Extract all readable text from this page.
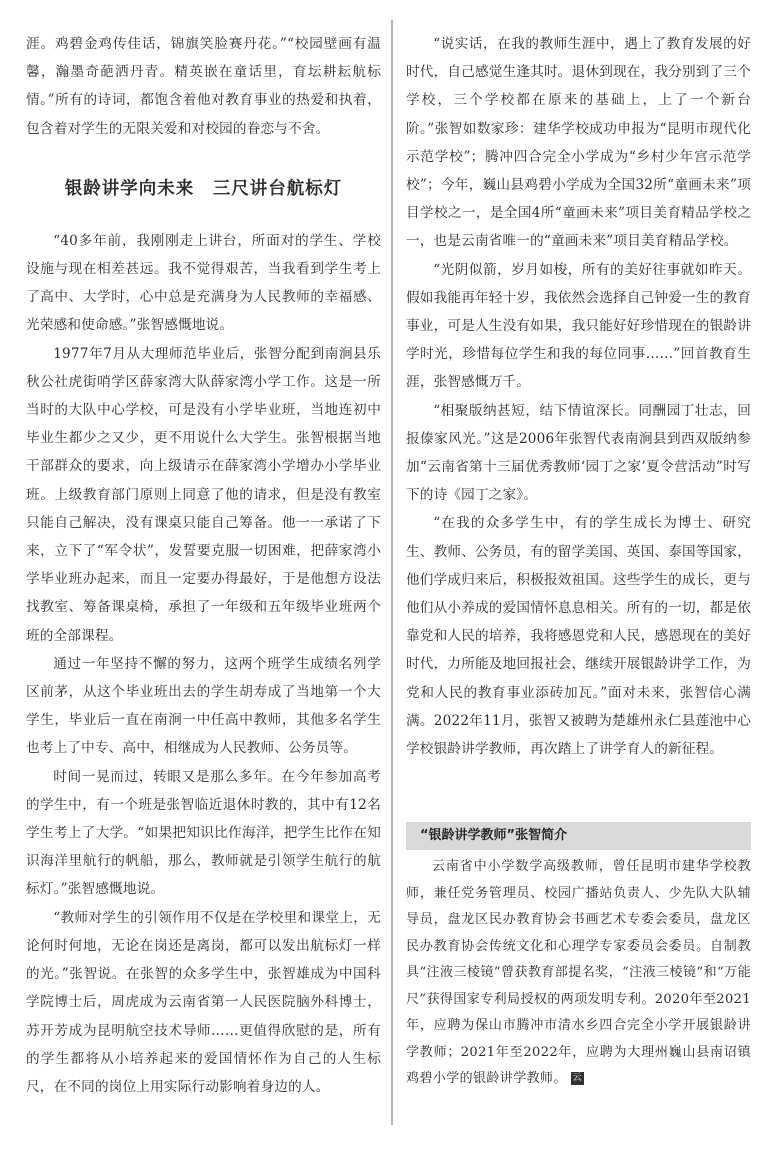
涯。鸡碧金鸡传佳话，锦旗笑脸赛丹花。”“校园壁画有温馨，瀚墨奇葩洒丹青。精英嵌在童话里，育坛耕耘航标情。”所有的诗词，都饱含着他对教育事业的热爱和执着，包含着对学生的无限关爱和对校园的眷恋与不舍。

银龄讲学向未来　三尺讲台航标灯

“40多年前，我刚刚走上讲台，所面对的学生、学校设施与现在相差甚远。我不觉得艰苦，当我看到学生考上了高中、大学时，心中总是充满身为人民教师的幸福感、光荣感和使命感。”张智感慨地说。

1977年7月从大理师范毕业后，张智分配到南涧县乐秋公社虎街哨学区薛家湾大队薛家湾小学工作。这是一所当时的大队中心学校，可是没有小学毕业班，当地连初中毕业生都少之又少，更不用说什么大学生。张智根据当地干部群众的要求，向上级请示在薛家湾小学增办小学毕业班。上级教育部门原则上同意了他的请求，但是没有教室只能自己解决，没有课桌只能自己筹备。他一一承诺了下来，立下了“军令状”，发誓要克服一切困难，把薛家湾小学毕业班办起来，而且一定要办得最好，于是他想方设法找教室、筹备课桌椅，承担了一年级和五年级毕业班两个班的全部课程。

通过一年坚持不懈的努力，这两个班学生成绩名列学区前茅，从这个毕业班出去的学生胡寿成了当地第一个大学生，毕业后一直在南涧一中任高中教师，其他多名学生也考上了中专、高中，相继成为人民教师、公务员等。

时间一晃而过，转眼又是那么多年。在今年参加高考的学生中，有一个班是张智临近退休时教的，其中有12名学生考上了大学。“如果把知识比作海洋，把学生比作在知识海洋里航行的帆船，那么，教师就是引领学生航行的航标灯。”张智感慨地说。

“教师对学生的引领作用不仅是在学校里和课堂上，无论何时何地，无论在岗还是离岗，都可以发出航标灯一样的光。”张智说。在张智的众多学生中，张智雄成为中国科学院博士后，周虎成为云南省第一人民医院脑外科博士，苏开芳成为昆明航空技术导师……更值得欣慰的是，所有的学生都将从小培养起来的爱国情怀作为自己的人生标尺，在不同的岗位上用实际行动影响着身边的人。

“说实话，在我的教师生涯中，遇上了教育发展的好时代，自己感觉生逢其时。退休到现在，我分别到了三个学校，三个学校都在原来的基础上，上了一个新台阶。”张智如数家珍：建华学校成功申报为“昆明市现代化示范学校”；腾冲四合完全小学成为“乡村少年宫示范学校”；今年，巍山县鸡碧小学成为全国32所“童画未来”项目学校之一，是全国4所“童画未来”项目美育精品学校之一，也是云南省唯一的“童画未来”项目美育精品学校。

“光阴似箭，岁月如梭，所有的美好往事就如昨天。假如我能再年轻十岁，我依然会选择自己钟爱一生的教育事业，可是人生没有如果，我只能好好珍惜现在的银龄讲学时光，珍惜每位学生和我的每位同事……”回首教育生涯，张智感慨万千。

“相聚版纳甚短，结下情谊深长。同酬园丁壮志，回报傣家风光。”这是2006年张智代表南涧县到西双版纳参加“云南省第十三届优秀教师‘园丁之家’夏令营活动”时写下的诗《园丁之家》。

“在我的众多学生中，有的学生成长为博士、研究生、教师、公务员，有的留学美国、英国、泰国等国家，他们学成归来后，积极报效祖国。这些学生的成长，更与他们从小养成的爱国情怀息息相关。所有的一切，都是依靠党和人民的培养，我将感恩党和人民，感恩现在的美好时代，力所能及地回报社会，继续开展银龄讲学工作，为党和人民的教育事业添砖加瓦。”面对未来，张智信心满满。2022年11月，张智又被聘为楚雄州永仁县莲池中心学校银龄讲学教师，再次踏上了讲学育人的新征程。

“银龄讲学教师”张智简介

云南省中小学数学高级教师，曾任昆明市建华学校教师，兼任党务管理员、校园广播站负责人、少先队大队辅导员，盘龙区民办教育协会书画艺术专委会委员，盘龙区民办教育协会传统文化和心理学专家委员会委员。自制教具“注液三棱镜”曾获教育部提名奖，“注液三棱镜”和“万能尺”获得国家专利局授权的两项发明专利。2020年至2021年，应聘为保山市腾冲市清水乡四合完全小学开展银龄讲学教师；2021年至2022年，应聘为大理州巍山县南诏镇鸡碧小学的银龄讲学教师。 云
